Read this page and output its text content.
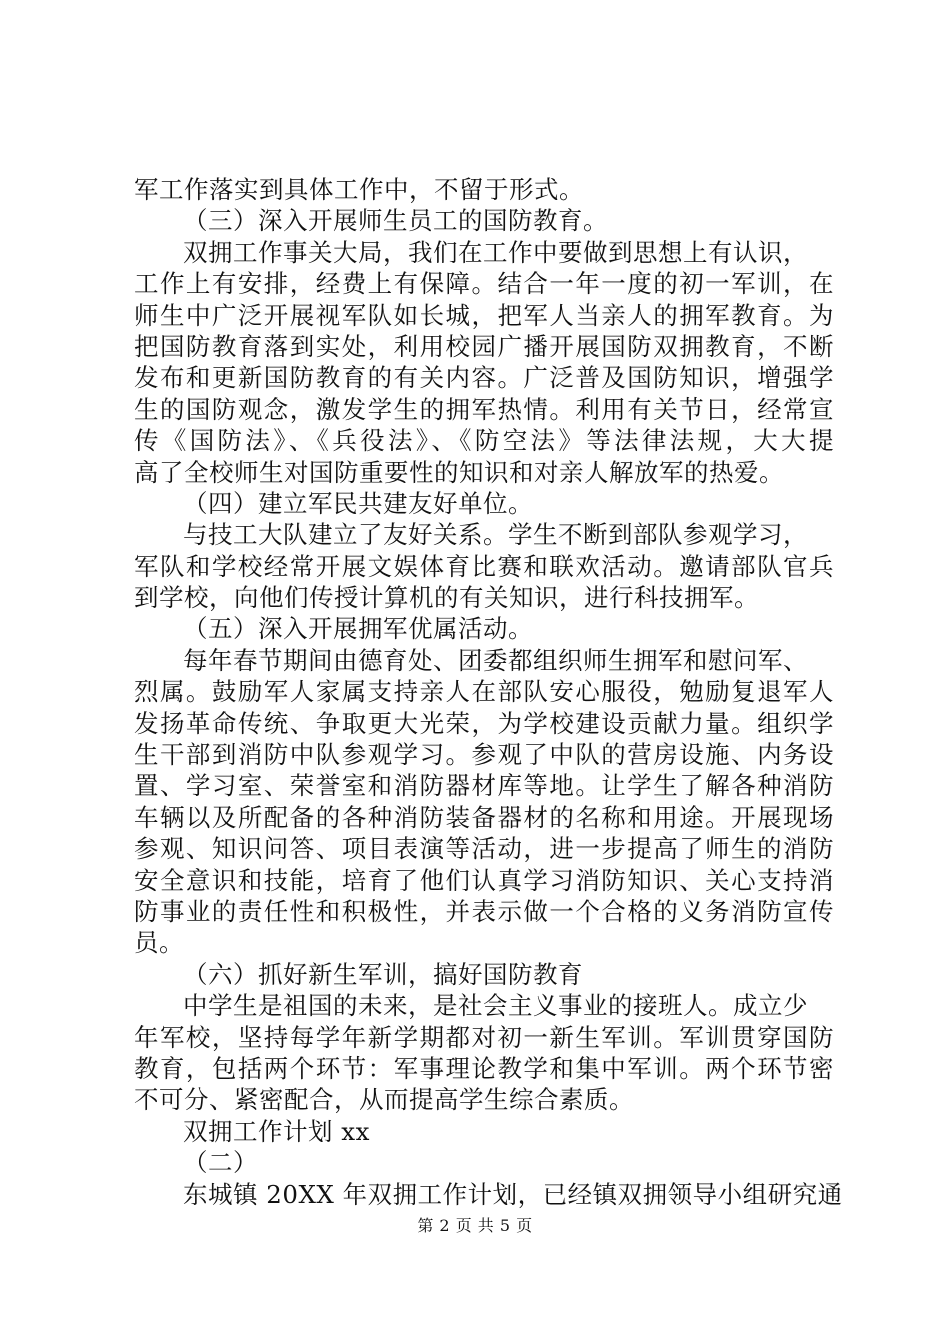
军工作落实到具体工作中，不留于形式。
（三）深入开展师生员工的国防教育。
双拥工作事关大局，我们在工作中要做到思想上有认识，
工作上有安排，经费上有保障。结合一年一度的初一军训，在
师生中广泛开展视军队如长城，把军人当亲人的拥军教育。为
把国防教育落到实处，利用校园广播开展国防双拥教育，不断
发布和更新国防教育的有关内容。广泛普及国防知识，增强学
生的国防观念，激发学生的拥军热情。利用有关节日，经常宣
传《国防法》、《兵役法》、《防空法》等法律法规，大大提
高了全校师生对国防重要性的知识和对亲人解放军的热爱。
（四）建立军民共建友好单位。
与技工大队建立了友好关系。学生不断到部队参观学习，
军队和学校经常开展文娱体育比赛和联欢活动。邀请部队官兵
到学校，向他们传授计算机的有关知识，进行科技拥军。
（五）深入开展拥军优属活动。
每年春节期间由德育处、团委都组织师生拥军和慰问军、
烈属。鼓励军人家属支持亲人在部队安心服役，勉励复退军人
发扬革命传统、争取更大光荣，为学校建设贡献力量。组织学
生干部到消防中队参观学习。参观了中队的营房设施、内务设
置、学习室、荣誉室和消防器材库等地。让学生了解各种消防
车辆以及所配备的各种消防装备器材的名称和用途。开展现场
参观、知识问答、项目表演等活动，进一步提高了师生的消防
安全意识和技能，培育了他们认真学习消防知识、关心支持消
防事业的责任性和积极性，并表示做一个合格的义务消防宣传
员。
（六）抓好新生军训，搞好国防教育
中学生是祖国的未来，是社会主义事业的接班人。成立少
年军校，坚持每学年新学期都对初一新生军训。军训贯穿国防
教育，包括两个环节：军事理论教学和集中军训。两个环节密
不可分、紧密配合，从而提高学生综合素质。
双拥工作计划 xx
（二）
东城镇 20XX 年双拥工作计划，已经镇双拥领导小组研究通
第 2 页 共 5 页
